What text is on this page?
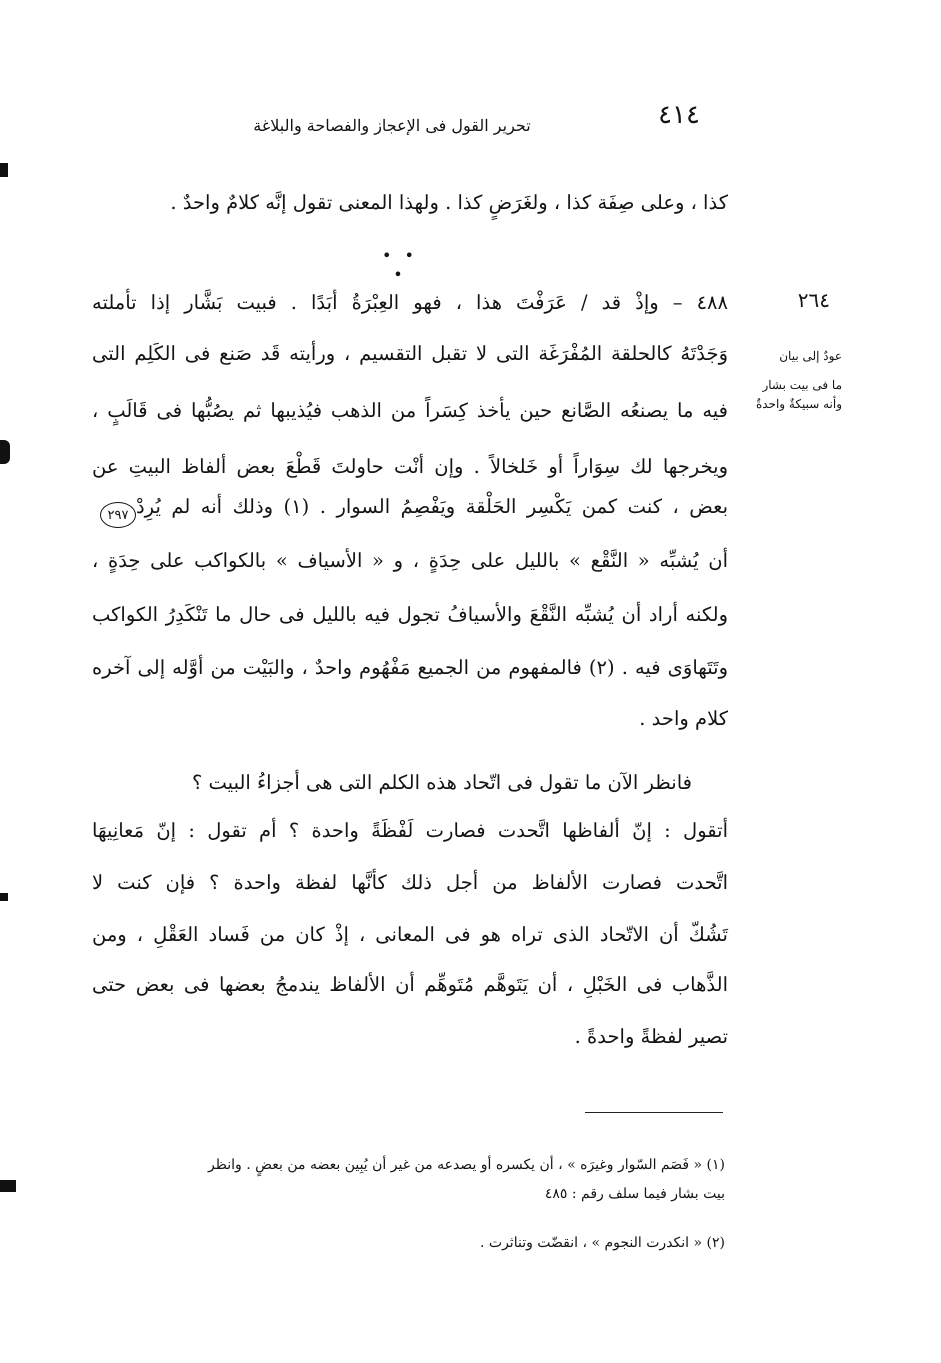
٤١٤
تحرير القول فى الإعجاز والفصاحة والبلاغة
كذا ، وعلى صِفَة كذا ، ولغَرَضٍ كذا . ولهذا المعنى تقول إنَّه كلامٌ واحدٌ .
• • •
٤٨٨ – وإذْ قد / عَرَفْتَ هذا ، فهو العِبْرَةُ أبَدًا . فبيت بَشَّار إذا تأملته
وَجَدْتَهُ كالحلقة المُفْرَغَة التى لا تقبل التقسيم ، ورأيته قَد صَنع فى الكَلِم التى
فيه ما يصنعُه الصَّانع حين يأخذ كِسَراً من الذهب فيُذيبها ثم يصُبُّها فى قَالَبٍ ،
ويخرجها لك سِوَاراً أو خَلخالاً . وإن أنْت حاولتَ قَطْعَ بعض ألفاظ البيتِ عن
بعض ، كنت كمن يَكْسِر الحَلْقة ويَفْصِمُ السوار . (١) وذلك أنه لم يُرِدْ
أن يُشبِّه « النَّقْع » بالليل على حِدَةٍ ، و « الأسياف » بالكواكب على حِدَةٍ ،
ولكنه أراد أن يُشبِّه النَّقْعَ والأسيافُ تجول فيه بالليل فى حال ما تَنْكَدِرُ الكواكب
وتَتَهاوَى فيه . (٢) فالمفهوم من الجميع مَفْهُوم واحدٌ ، والبَيْت من أوَّله إلى آخره
كلام واحد .
فانظر الآن ما تقول فى اتّحاد هذه الكلم التى هى أجزاءُ البيت ؟
أتقول : إنّ ألفاظها اتَّحدت فصارت لَفْظَةً واحدة ؟ أم تقول : إنّ مَعانِيهَا
اتَّحدت فصارت الألفاظ من أجل ذلك كأنَّها لفظة واحدة ؟ فإن كنت لا
تَشُكّ أن الاتّحاد الذى تراه هو فى المعانى ، إذْ كان من فَساد العَقْلِ ، ومن
الذَّهاب فى الخَبْلِ ، أن يَتَوهَّم مُتَوهِّم أن الألفاظ يندمجُ بعضها فى بعض حتى
تصير لفظةً واحدةً .
٢٦٤
عودٌ إلى بيان
ما فى بيت بشار
وأنه سبيكةٌ واحدةٌ
٢٩٧
(١) « فَصَم السّوار وغيرَه » ، أن يكسره أو يصدعه من غير أن يُبِين بعضه من بعضٍ . وانظر
بيت بشار فيما سلف رقم : ٤٨٥
(٢) « انكدرت النجوم » ، انقضّت وتناثرت .
